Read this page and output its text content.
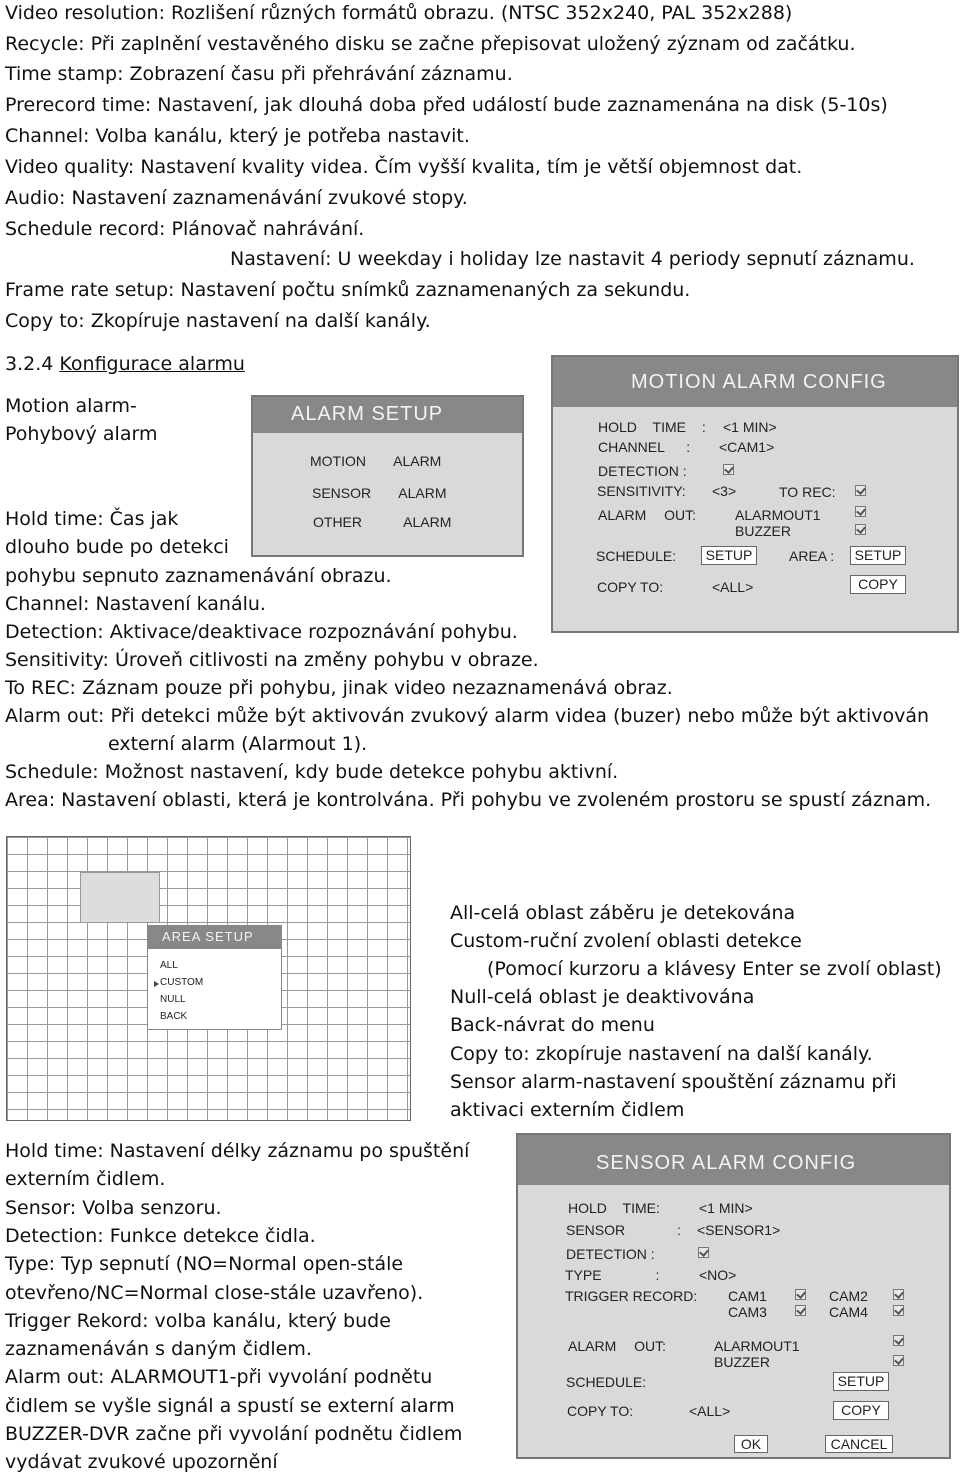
Video resolution: Rozlišení různých formátů obrazu. (NTSC 352x240, PAL 352x288)
Recycle: Při zaplnění vestavěného disku se začne přepisovat uložený zýznam od začátku.
Time stamp: Zobrazení času při přehrávání záznamu.
Prerecord time: Nastavení, jak dlouhá doba před událostí bude zaznamenána na disk (5-10s)
Channel: Volba kanálu, který je potřeba nastavit.
Video quality: Nastavení kvality videa. Čím vyšší kvalita, tím je větší objemnost dat.
Audio: Nastavení zaznamenávání zvukové stopy.
Schedule record: Plánovač nahrávání.
Nastavení: U weekday i holiday lze nastavit 4 periody sepnutí záznamu.
Frame rate setup: Nastavení počtu snímků zaznamenaných za sekundu.
Copy to: Zkopíruje nastavení na další kanály.
3.2.4 Konfigurace alarmu
Motion alarm-
Pohybový alarm
Hold time: Čas jak
dlouho bude po detekci
pohybu sepnuto zaznamenávání obrazu.
Channel: Nastavení kanálu.
Detection: Aktivace/deaktivace rozpoznávání pohybu.
Sensitivity: Úroveň citlivosti na změny pohybu v obraze.
To REC: Záznam pouze při pohybu, jinak video nezaznamenává obraz.
Alarm out: Při detekci může být aktivován zvukový alarm videa (buzer) nebo může být aktivován
externí alarm (Alarmout 1).
Schedule: Možnost nastavení, kdy bude detekce pohybu aktivní.
Area: Nastavení oblasti, která je kontrolvána. Při pohybu ve zvoleném prostoru se spustí záznam.
ALARM SETUP
MOTION ALARM
SENSOR ALARM
OTHER ALARM
MOTION ALARM CONFIG
HOLD TIME : <1 MIN>
CHANNEL : <CAM1>
DETECTION :
SENSITIVITY: <3>	TO REC:
ALARM OUT:	ALARMOUT1
BUZZER
SCHEDULE:	SETUP	AREA :	SETUP
COPY TO:	<ALL>	COPY
AREA SETUP
ALL
CUSTOM
NULL
BACK
All-celá oblast záběru je detekována
Custom-ruční zvolení oblasti detekce
(Pomocí kurzoru a klávesy Enter se zvolí oblast)
Null-celá oblast je deaktivována
Back-návrat do menu
Copy to: zkopíruje nastavení na další kanály.
Sensor alarm-nastavení spouštění záznamu při
aktivaci externím čidlem
Hold time: Nastavení délky záznamu po spuštění
externím čidlem.
Sensor: Volba senzoru.
Detection: Funkce detekce čidla.
Type: Typ sepnutí (NO=Normal open-stále
otevřeno/NC=Normal close-stále uzavřeno).
Trigger Rekord: volba kanálu, který bude
zaznamenáván s daným čidlem.
Alarm out: ALARMOUT1-při vyvolání podnětu
čidlem se vyšle signál a spustí se externí alarm
BUZZER-DVR začne při vyvolání podnětu čidlem
vydávat zvukové upozornění
SENSOR ALARM CONFIG
HOLD TIME:	<1 MIN>
SENSOR : <SENSOR1>
DETECTION :
TYPE :	<NO>
TRIGGER RECORD: CAM1	CAM2
CAM3	CAM4
ALARM OUT:	ALARMOUT1
BUZZER
SCHEDULE:	SETUP
COPY TO:	<ALL>	COPY
OK	CANCEL
